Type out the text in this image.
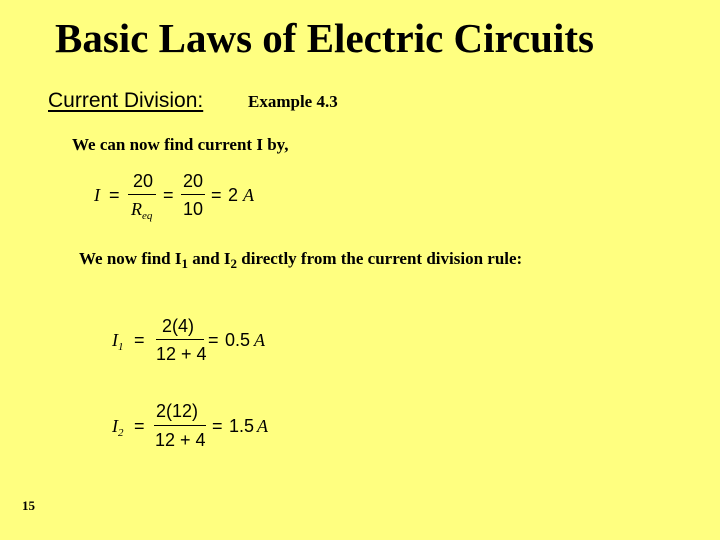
Basic Laws of Electric Circuits
Current Division:	Example 4.3
We can now find current I by,
I =
20
$R_{eq}$
=
20
10
= 2 A
We now find $I_1$ and $I_2$ directly from the current division rule:
$I_1$ =
2(4)
12 + 4
= 0.5 A
$I_2$ =
2(12)
12 + 4
= 1.5 A
15
